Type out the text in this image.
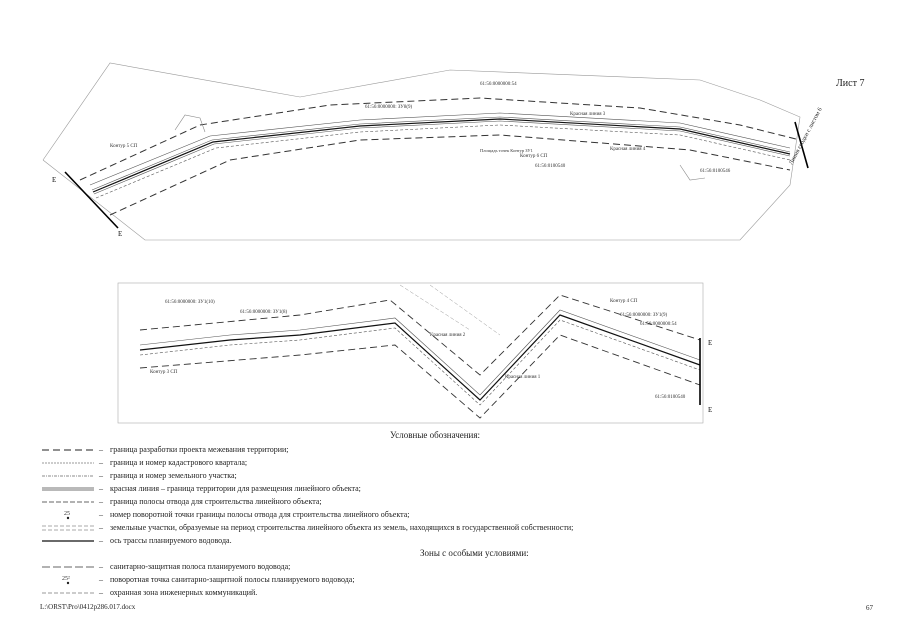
Лист 7
61:56:0000000:54
61:56:0000000: ЗУ8(9)
Контур 5 СП
Контур 6 СП
Красная линия 3
Красная линия 4
61:56:0100540
61:56:0100546
Площадь точек Контур ЗУ1	Линия сводки с листом 6
Е
Е
61:56:0000000: ЗУ1(10)
61:56:0000000: ЗУ1(8)
61:56:0000000: ЗУ1(9)
61:56:0000000:54
Контур 4 СП
Контур 3 СП
Красная линия 2
Красная линия 1
61:56:0100540
Е
Е
Условные обозначения:
– граница разработки проекта межевания территории;
– граница и номер кадастрового квартала;
– граница и номер земельного участка;
– красная линия – граница территории для размещения линейного объекта;
– граница полосы отвода для строительства линейного объекта;
25	– номер поворотной точки границы полосы отвода для строительства линейного объекта;
– земельные участки, образуемые на период строительства линейного объекта из земель, находящихся в государственной собственности;
– ось трассы планируемого водовода.
Зоны с особыми условиями:
– санитарно-защитная полоса планируемого водовода;
25²	– поворотная точка санитарно-защитной полосы планируемого водовода;
– охранная зона инженерных коммуникаций.
L:\ORST\Pro\0412p286.017.docx	67
